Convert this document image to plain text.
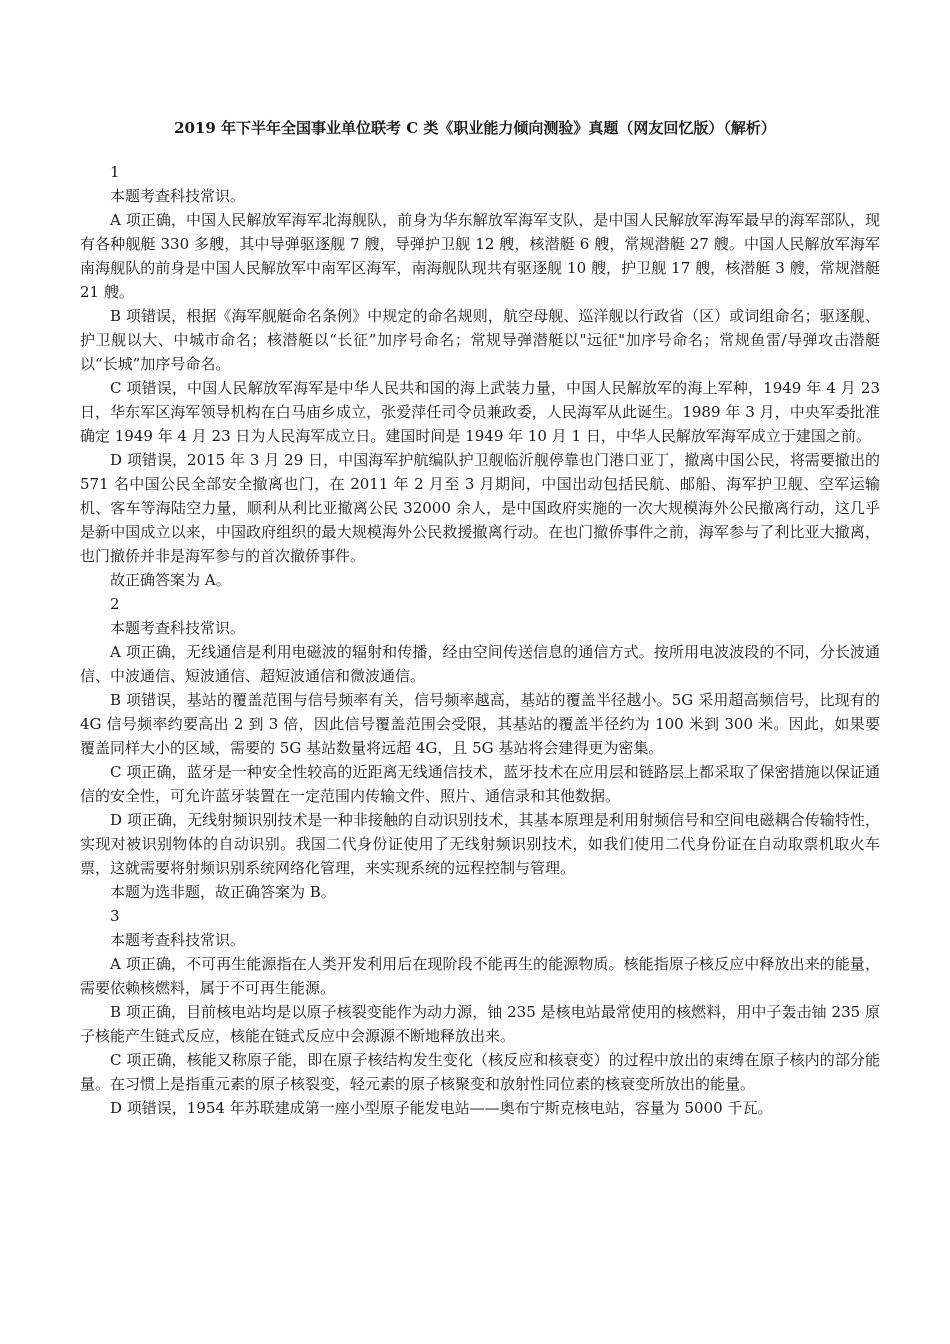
2019 年下半年全国事业单位联考 C 类《职业能力倾向测验》真题（网友回忆版）（解析）

1

本题考查科技常识。

A 项正确，中国人民解放军海军北海舰队，前身为华东解放军海军支队，是中国人民解放军海军最早的海军部队，现有各种舰艇 330 多艘，其中导弹驱逐舰 7 艘，导弹护卫舰 12 艘，核潜艇 6 艘，常规潜艇 27 艘。中国人民解放军海军南海舰队的前身是中国人民解放军中南军区海军，南海舰队现共有驱逐舰 10 艘，护卫舰 17 艘，核潜艇 3 艘，常规潜艇 21 艘。

B 项错误，根据《海军舰艇命名条例》中规定的命名规则，航空母舰、巡洋舰以行政省（区）或词组命名；驱逐舰、护卫舰以大、中城市命名；核潜艇以“长征”加序号命名；常规导弹潜艇以"远征"加序号命名；常规鱼雷/导弹攻击潜艇以“长城”加序号命名。

C 项错误，中国人民解放军海军是中华人民共和国的海上武装力量，中国人民解放军的海上军种，1949 年 4 月 23 日，华东军区海军领导机构在白马庙乡成立，张爱萍任司令员兼政委，人民海军从此诞生。1989 年 3 月，中央军委批准确定 1949 年 4 月 23 日为人民海军成立日。建国时间是 1949 年 10 月 1 日，中华人民解放军海军成立于建国之前。

D 项错误，2015 年 3 月 29 日，中国海军护航编队护卫舰临沂舰停靠也门港口亚丁，撤离中国公民，将需要撤出的 571 名中国公民全部安全撤离也门，在 2011 年 2 月至 3 月期间，中国出动包括民航、邮船、海军护卫舰、空军运输机、客车等海陆空力量，顺利从利比亚撤离公民 32000 余人，是中国政府实施的一次大规模海外公民撤离行动，这几乎是新中国成立以来，中国政府组织的最大规模海外公民救援撤离行动。在也门撤侨事件之前，海军参与了利比亚大撤离，也门撤侨并非是海军参与的首次撤侨事件。

故正确答案为 A。

2

本题考查科技常识。

A 项正确，无线通信是利用电磁波的辐射和传播，经由空间传送信息的通信方式。按所用电波波段的不同，分长波通信、中波通信、短波通信、超短波通信和微波通信。

B 项错误，基站的覆盖范围与信号频率有关，信号频率越高，基站的覆盖半径越小。5G 采用超高频信号，比现有的 4G 信号频率约要高出 2 到 3 倍，因此信号覆盖范围会受限，其基站的覆盖半径约为 100 米到 300 米。因此，如果要覆盖同样大小的区域，需要的 5G 基站数量将远超 4G，且 5G 基站将会建得更为密集。

C 项正确，蓝牙是一种安全性较高的近距离无线通信技术，蓝牙技术在应用层和链路层上都采取了保密措施以保证通信的安全性，可允许蓝牙装置在一定范围内传输文件、照片、通信录和其他数据。

D 项正确，无线射频识别技术是一种非接触的自动识别技术，其基本原理是利用射频信号和空间电磁耦合传输特性，实现对被识别物体的自动识别。我国二代身份证使用了无线射频识别技术，如我们使用二代身份证在自动取票机取火车票，这就需要将射频识别系统网络化管理，来实现系统的远程控制与管理。

本题为选非题，故正确答案为 B。

3

本题考查科技常识。

A 项正确，不可再生能源指在人类开发利用后在现阶段不能再生的能源物质。核能指原子核反应中释放出来的能量，需要依赖核燃料，属于不可再生能源。

B 项正确，目前核电站均是以原子核裂变能作为动力源，铀 235 是核电站最常使用的核燃料，用中子轰击铀 235 原子核能产生链式反应，核能在链式反应中会源源不断地释放出来。

C 项正确，核能又称原子能，即在原子核结构发生变化（核反应和核衰变）的过程中放出的束缚在原子核内的部分能量。在习惯上是指重元素的原子核裂变，轻元素的原子核聚变和放射性同位素的核衰变所放出的能量。

D 项错误，1954 年苏联建成第一座小型原子能发电站——奥布宁斯克核电站，容量为 5000 千瓦。
